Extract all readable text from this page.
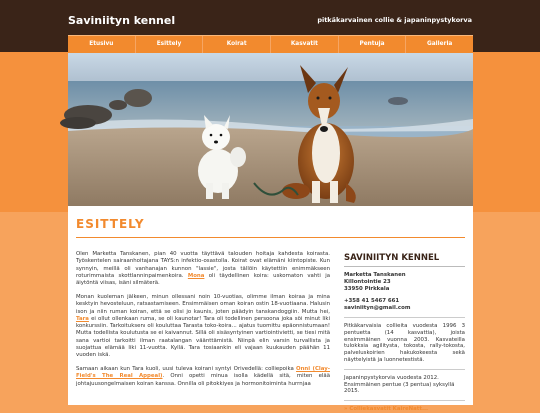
Saviniityn kennel	pitkäkarvainen collie & japaninpystykorva
Etusivu	Esittely	Koirat	Kasvatit	Pentuja	Galleria
ESITTELY

Olen Marketta Tanskanen, pian 40 vuotta täyttävä talouden hoitaja kahdesta koirasta. Työskentelen sairaanhoitajana TAYS:n infektio-osastolla. Koirat ovat elämäni kiintopiste. Kun synnyin, meillä oli vanhanajan kunnon "lassie", josta tällöin käytettiin enimmäkseen roturimmaista skottlanninpaimenkoira. Mona oli täydellinen koira: uskomaton vahti ja äiytöntä viisas, isäni silmäterä.

Monan kuoleman jälkeen, minun ollessani noin 10-vuotias, olimme ilman koiraa ja mina kesktyin hevosteluun, ratsastamiseen. Ensimmäisen oman koiran ostin 18-vuotiaana. Halusin ison ja niin ruman koiran, että se olisi jo kaunis, joten päädyin tanskandoggiin. Mutta hei, Tara ei ollut ollenkaan ruma, se oli kaunotar! Tara oli todellinen persoona joka söi minut liki konkurssiin. Tarkoituksenı oli kouluttaa Tarasta toko-koira... ajatus tuomittu epäonnistumaan! Mutta todellista koulutusta se ei kaivannut. Sillä oli sisäsyntyinen vartiointivietti, se tiesi mitä sana vartioi tarkoitti ilman raatalangan väänttämistä. Niinpä elin varsin turvallista ja suojattua elämää liki 11-vuotta. Kyllä. Tara tosiaankin eli vajaan kuukauden päähän 11 vuoden iskä.

Samaan aikaan kun Tara kuoli, uusi tuleva koirani syntyi Orivedellä: colliepoika Onni (Clay-Field's The Real Appeal). Onni opetti minua isolla kädellä sitä, miten elää johtajuusongelmaisen koiran kanssa. Onnilla oli pitokkiyes ja hormonitoiminta hurrnjaa

SAVINIITYN KENNEL
Marketta Tanskanen
Killontointie 23
33950 Pirkkala
+358 41 5467 661
saviniityn@gmail.com
Pitkäkarvaisia collieita vuodesta 1996 3 pentuetta (14 kasvattia), joista ensimmäinen vuonna 2003. Kasvateilla tulokksia agilitysta, tokosta, rally-tokosta, palveluskoirien hakukokeesta sekä näyttelyistä ja luonnetestistä.
Japaninpystykorvia vuodesta 2012. Ensimmäinen pentue (3 pentua) syksyllä 2015.
» Colliekasvatit KaireNatt...
